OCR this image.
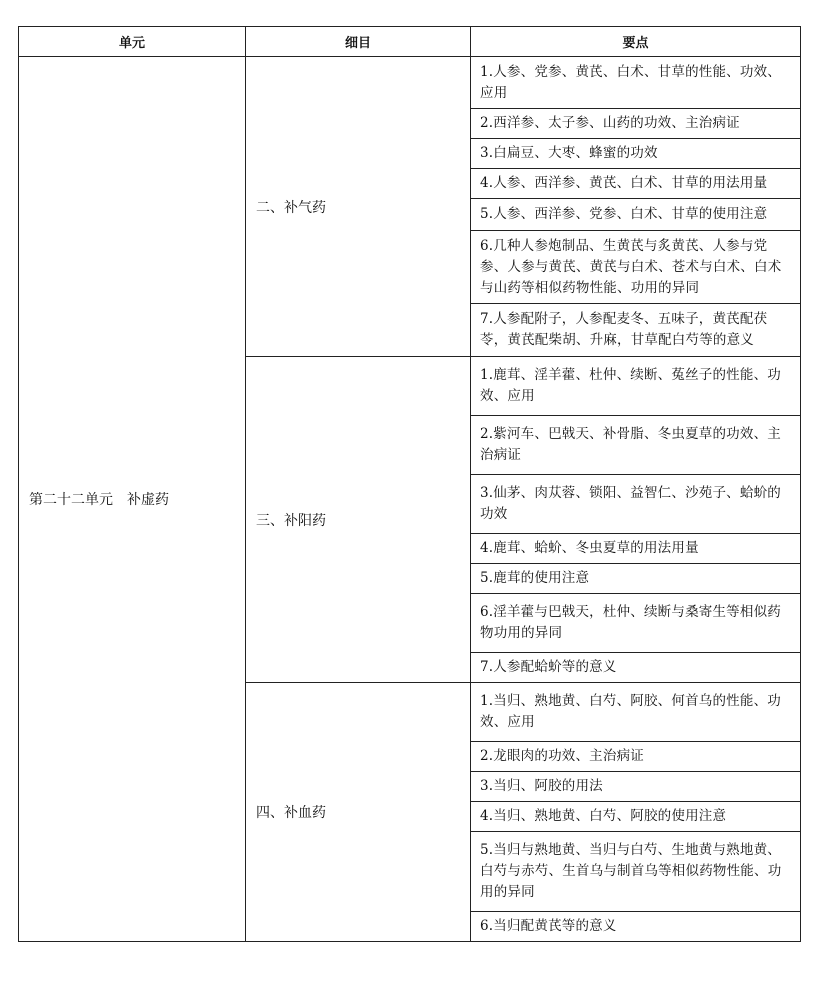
单元	细目	要点
第二十二单元　补虚药	二、补气药	1.人参、党参、黄芪、白术、甘草的性能、功效、应用
		2.西洋参、太子参、山药的功效、主治病证
		3.白扁豆、大枣、蜂蜜的功效
		4.人参、西洋参、黄芪、白术、甘草的用法用量
		5.人参、西洋参、党参、白术、甘草的使用注意
		6.几种人参炮制品、生黄芪与炙黄芪、人参与党参、人参与黄芪、黄芪与白术、苍术与白术、白术与山药等相似药物性能、功用的异同
		7.人参配附子，人参配麦冬、五味子，黄芪配茯苓，黄芪配柴胡、升麻，甘草配白芍等的意义
	三、补阳药	1.鹿茸、淫羊藿、杜仲、续断、菟丝子的性能、功效、应用
		2.紫河车、巴戟天、补骨脂、冬虫夏草的功效、主治病证
		3.仙茅、肉苁蓉、锁阳、益智仁、沙苑子、蛤蚧的功效
		4.鹿茸、蛤蚧、冬虫夏草的用法用量
		5.鹿茸的使用注意
		6.淫羊藿与巴戟天，杜仲、续断与桑寄生等相似药物功用的异同
		7.人参配蛤蚧等的意义
	四、补血药	1.当归、熟地黄、白芍、阿胶、何首乌的性能、功效、应用
		2.龙眼肉的功效、主治病证
		3.当归、阿胶的用法
		4.当归、熟地黄、白芍、阿胶的使用注意
		5.当归与熟地黄、当归与白芍、生地黄与熟地黄、白芍与赤芍、生首乌与制首乌等相似药物性能、功用的异同
		6.当归配黄芪等的意义
